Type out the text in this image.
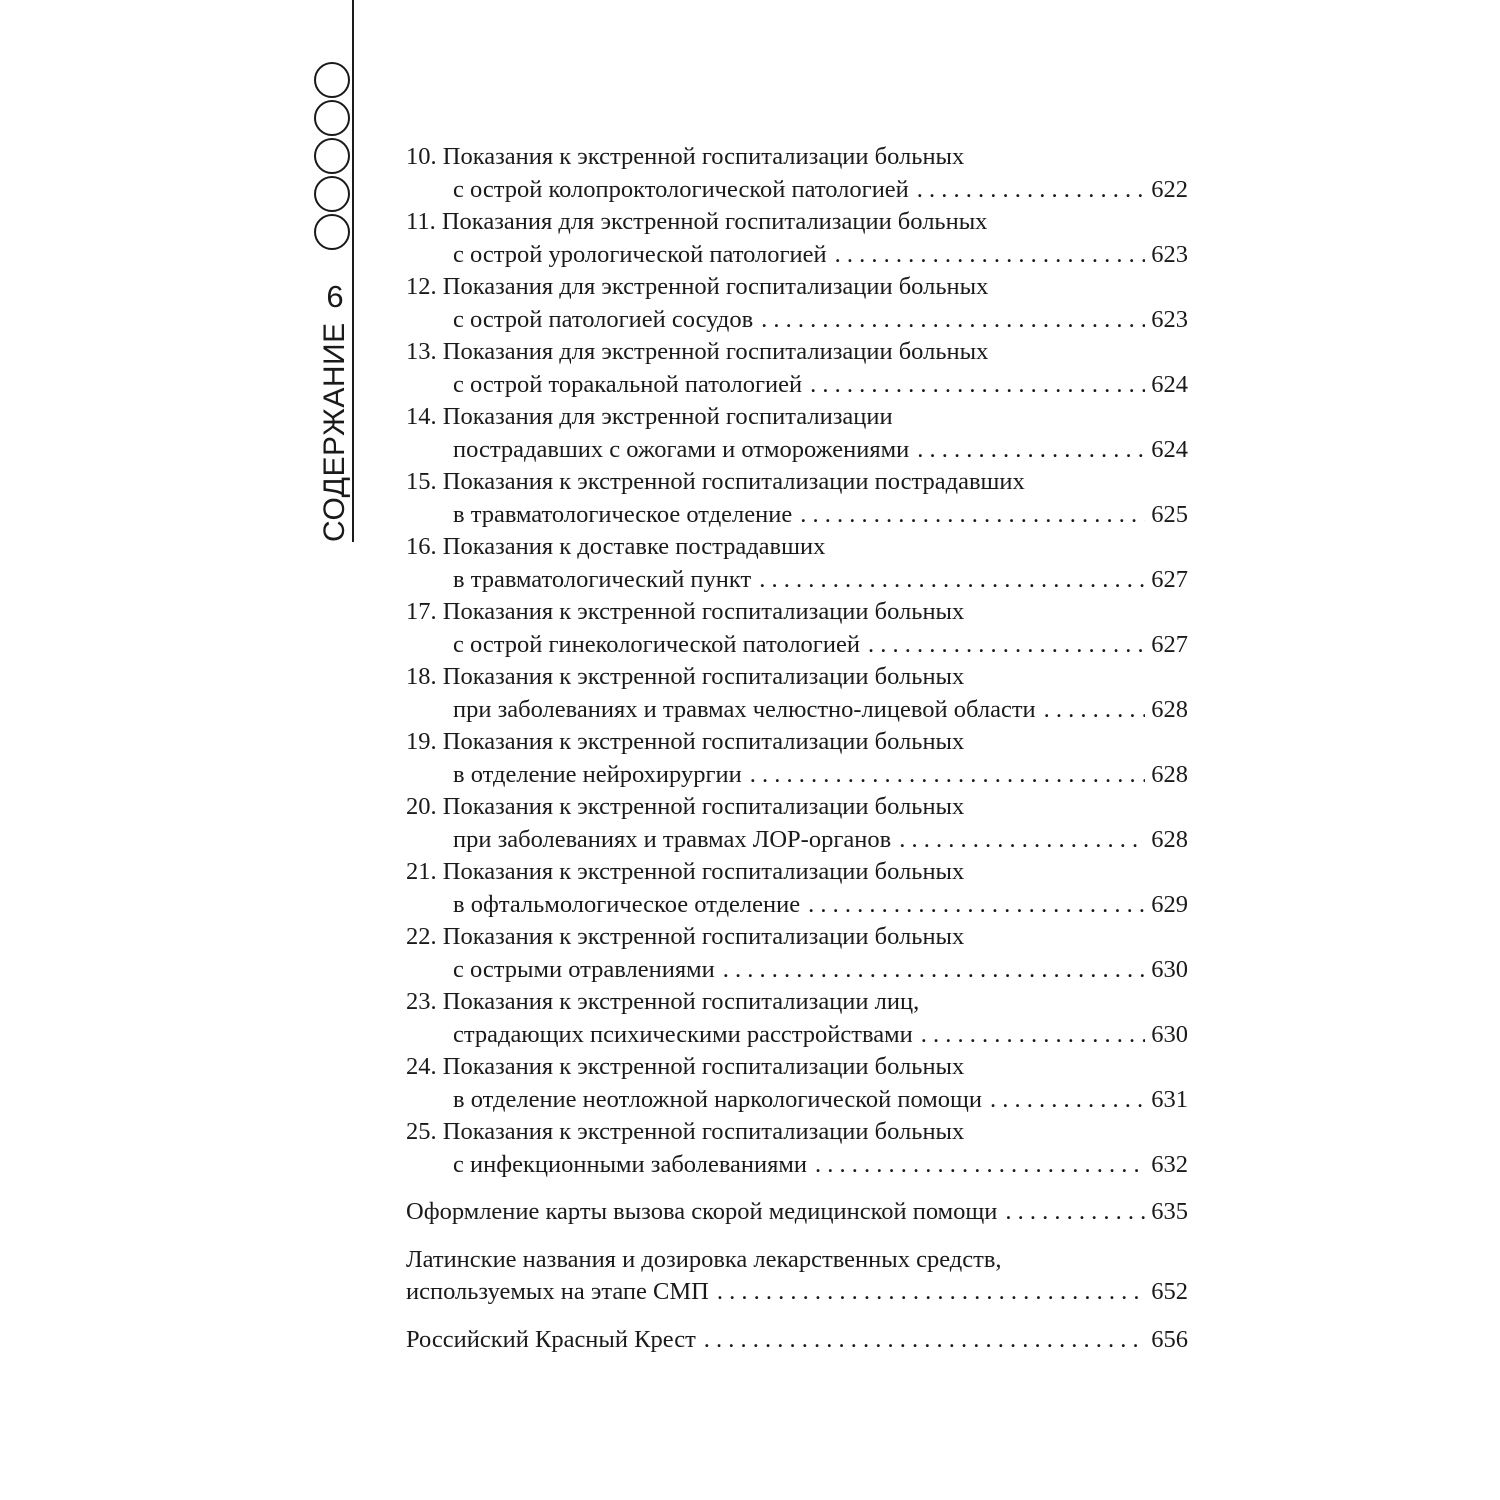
6
СОДЕРЖАНИЕ
10. Показания к экстренной госпитализации больных
с острой колопроктологической патологией . . .	622
11. Показания для экстренной госпитализации больных
с острой урологической патологией . . .	623
12. Показания для экстренной госпитализации больных
с острой патологией сосудов . . .	623
13. Показания для экстренной госпитализации больных
с острой торакальной патологией . . .	624
14. Показания для экстренной госпитализации
пострадавших с ожогами и отморожениями . . .	624
15. Показания к экстренной госпитализации пострадавших
в травматологическое отделение . . .	625
16. Показания к доставке пострадавших
в травматологический пункт . . .	627
17. Показания к экстренной госпитализации больных
с острой гинекологической патологией . . .	627
18. Показания к экстренной госпитализации больных
при заболеваниях и травмах челюстно-лицевой области . . .	628
19. Показания к экстренной госпитализации больных
в отделение нейрохирургии . . .	628
20. Показания к экстренной госпитализации больных
при заболеваниях и травмах ЛОР-органов . . .	628
21. Показания к экстренной госпитализации больных
в офтальмологическое отделение . . .	629
22. Показания к экстренной госпитализации больных
с острыми отравлениями . . .	630
23. Показания к экстренной госпитализации лиц,
страдающих психическими расстройствами . . .	630
24. Показания к экстренной госпитализации больных
в отделение неотложной наркологической помощи . . .	631
25. Показания к экстренной госпитализации больных
с инфекционными заболеваниями . . .	632
Оформление карты вызова скорой медицинской помощи . . .	635
Латинские названия и дозировка лекарственных средств,
используемых на этапе СМП . . .	652
Российский Красный Крест . . .	656
